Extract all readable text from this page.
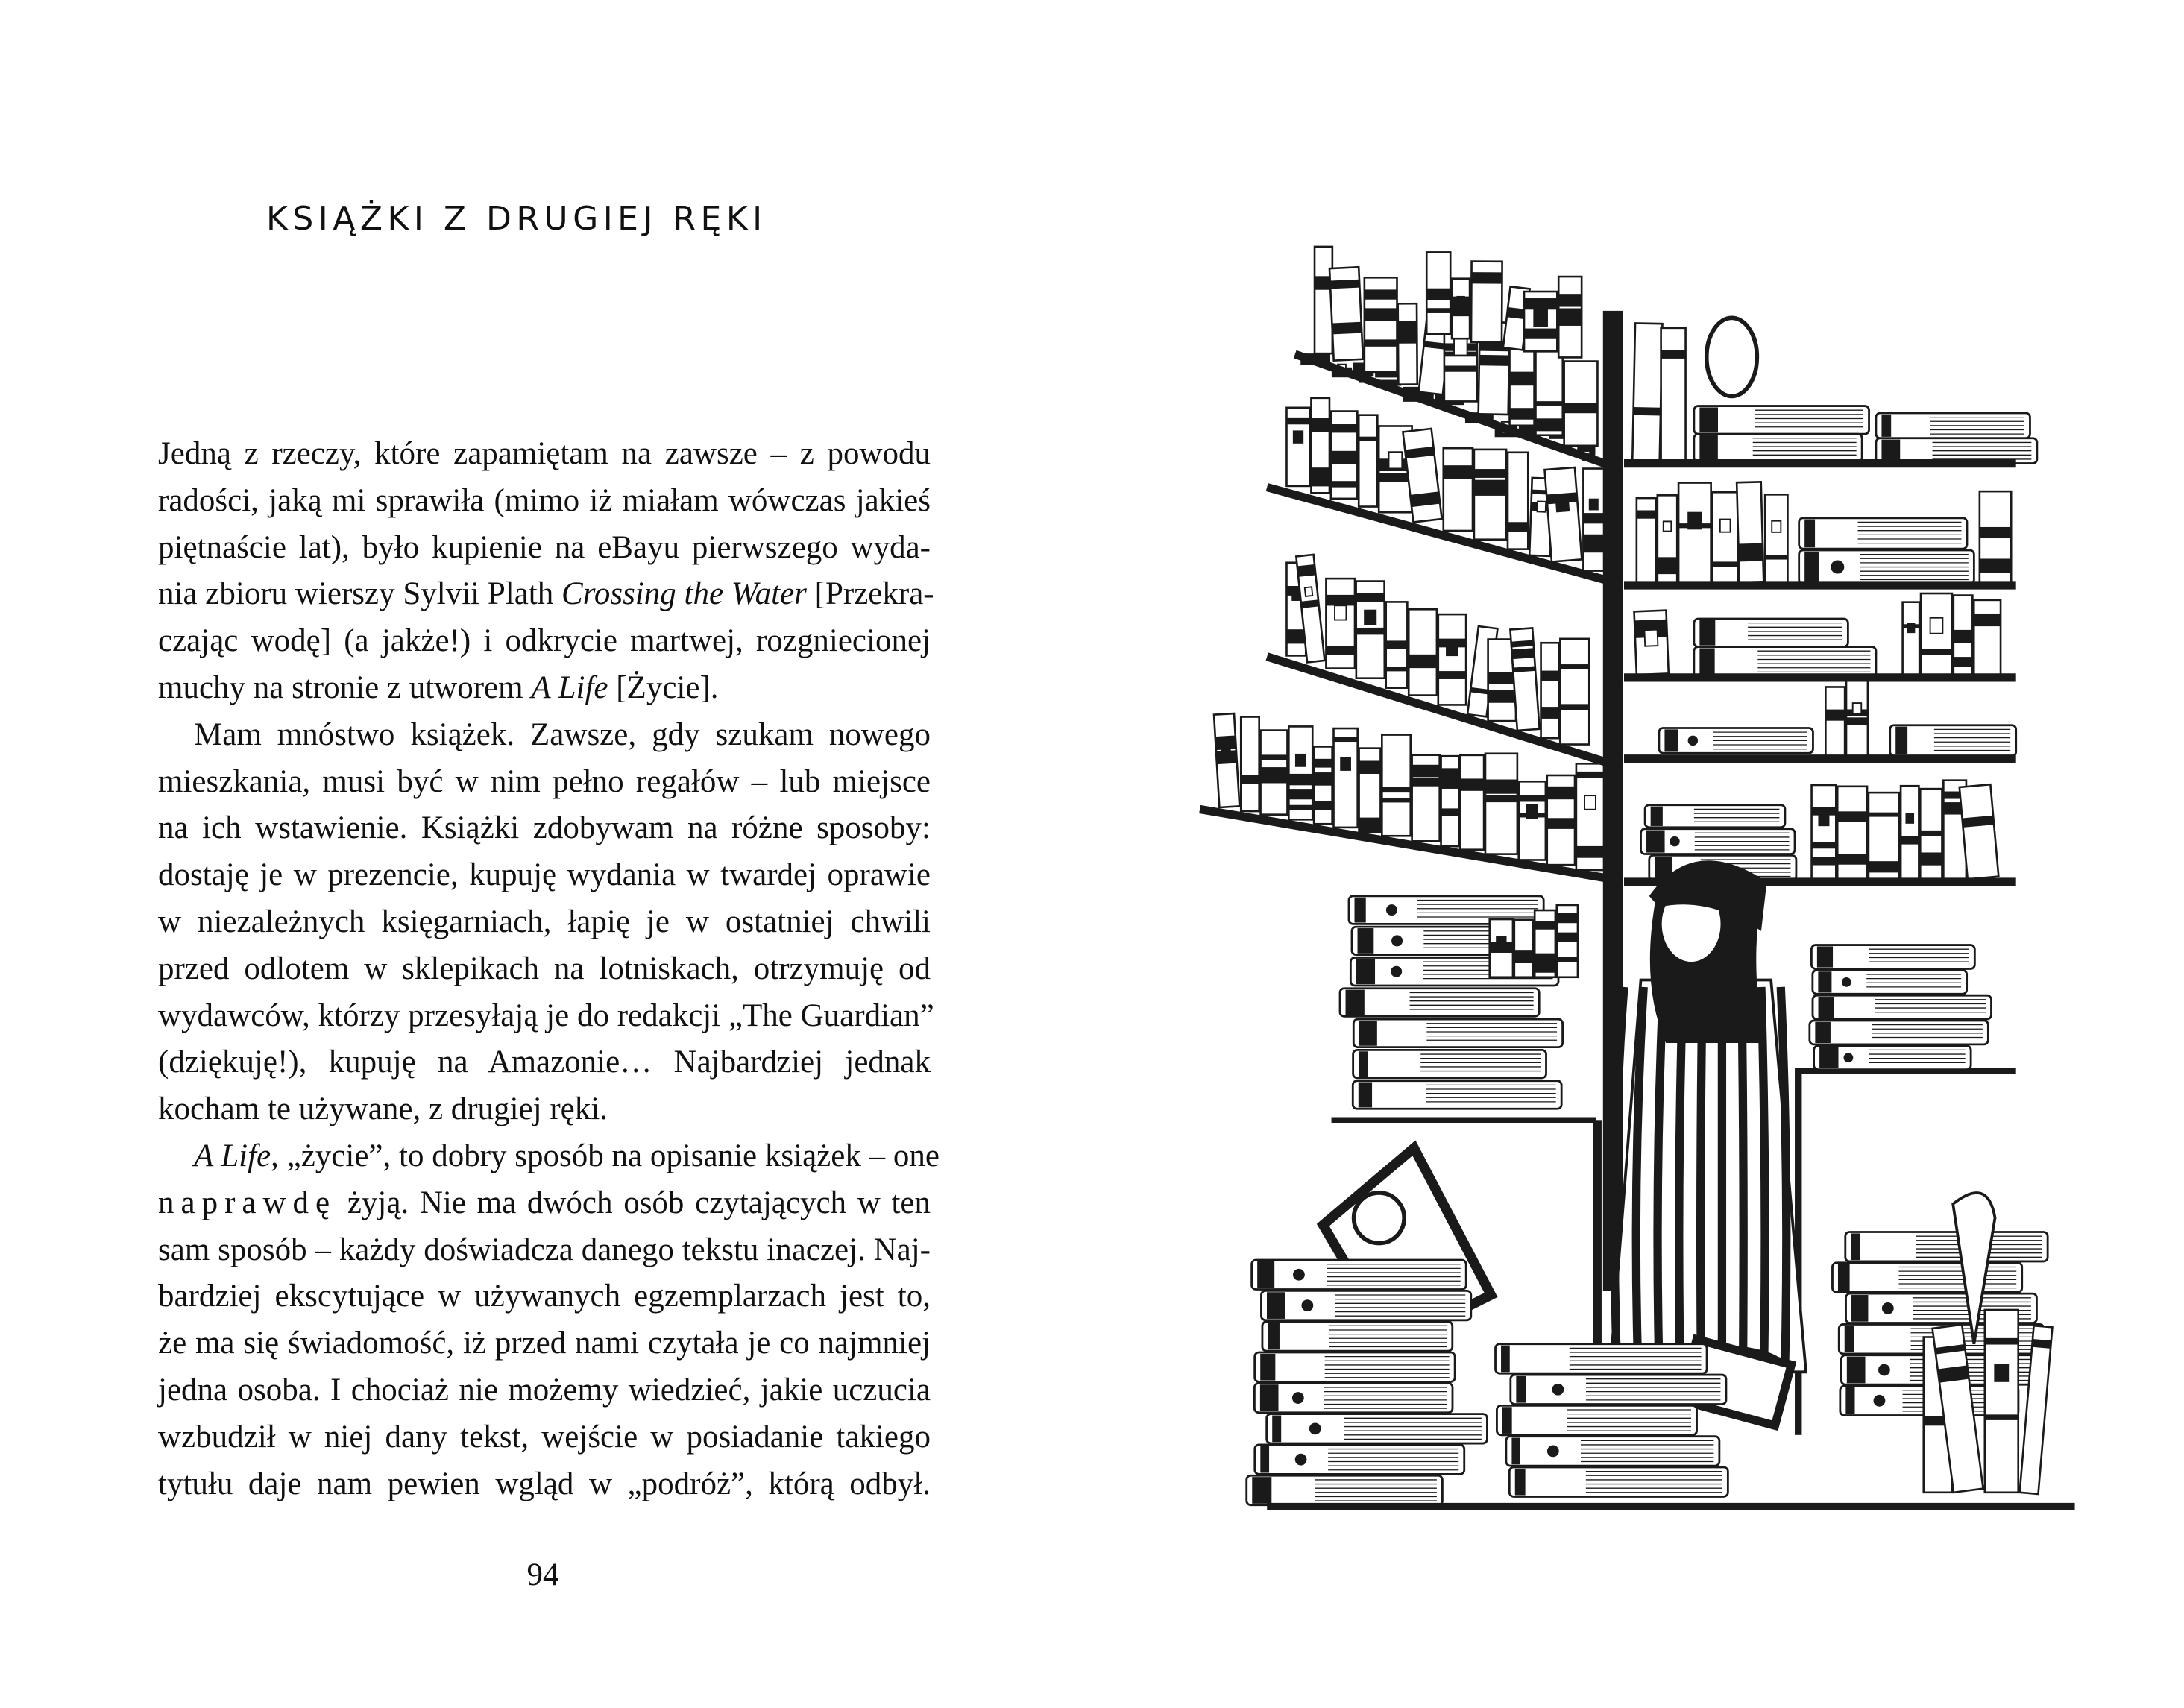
KSIĄŻKI Z DRUGIEJ RĘKI
Jedną z rzeczy, które zapamiętam na zawsze – z powodu
radości, jaką mi sprawiła (mimo iż miałam wówczas jakieś
piętnaście lat), było kupienie na eBayu pierwszego wyda-
nia zbioru wierszy Sylvii Plath Crossing the Water [Przekra-
czając wodę] (a jakże!) i odkrycie martwej, rozgniecionej
muchy na stronie z utworem A Life [Życie].
Mam mnóstwo książek. Zawsze, gdy szukam nowego
mieszkania, musi być w nim pełno regałów – lub miejsce
na ich wstawienie. Książki zdobywam na różne sposoby:
dostaję je w prezencie, kupuję wydania w twardej oprawie
w niezależnych księgarniach, łapię je w ostatniej chwili
przed odlotem w sklepikach na lotniskach, otrzymuję od
wydawców, którzy przesyłają je do redakcji „The Guardian”
(dziękuję!), kupuję na Amazonie… Najbardziej jednak
kocham te używane, z drugiej ręki.
A Life, „życie”, to dobry sposób na opisanie książek – one
naprawdę żyją. Nie ma dwóch osób czytających w ten
sam sposób – każdy doświadcza danego tekstu inaczej. Naj-
bardziej ekscytujące w używanych egzemplarzach jest to,
że ma się świadomość, iż przed nami czytała je co najmniej
jedna osoba. I chociaż nie możemy wiedzieć, jakie uczucia
wzbudził w niej dany tekst, wejście w posiadanie takiego
tytułu daje nam pewien wgląd w „podróż”, którą odbył.
94
